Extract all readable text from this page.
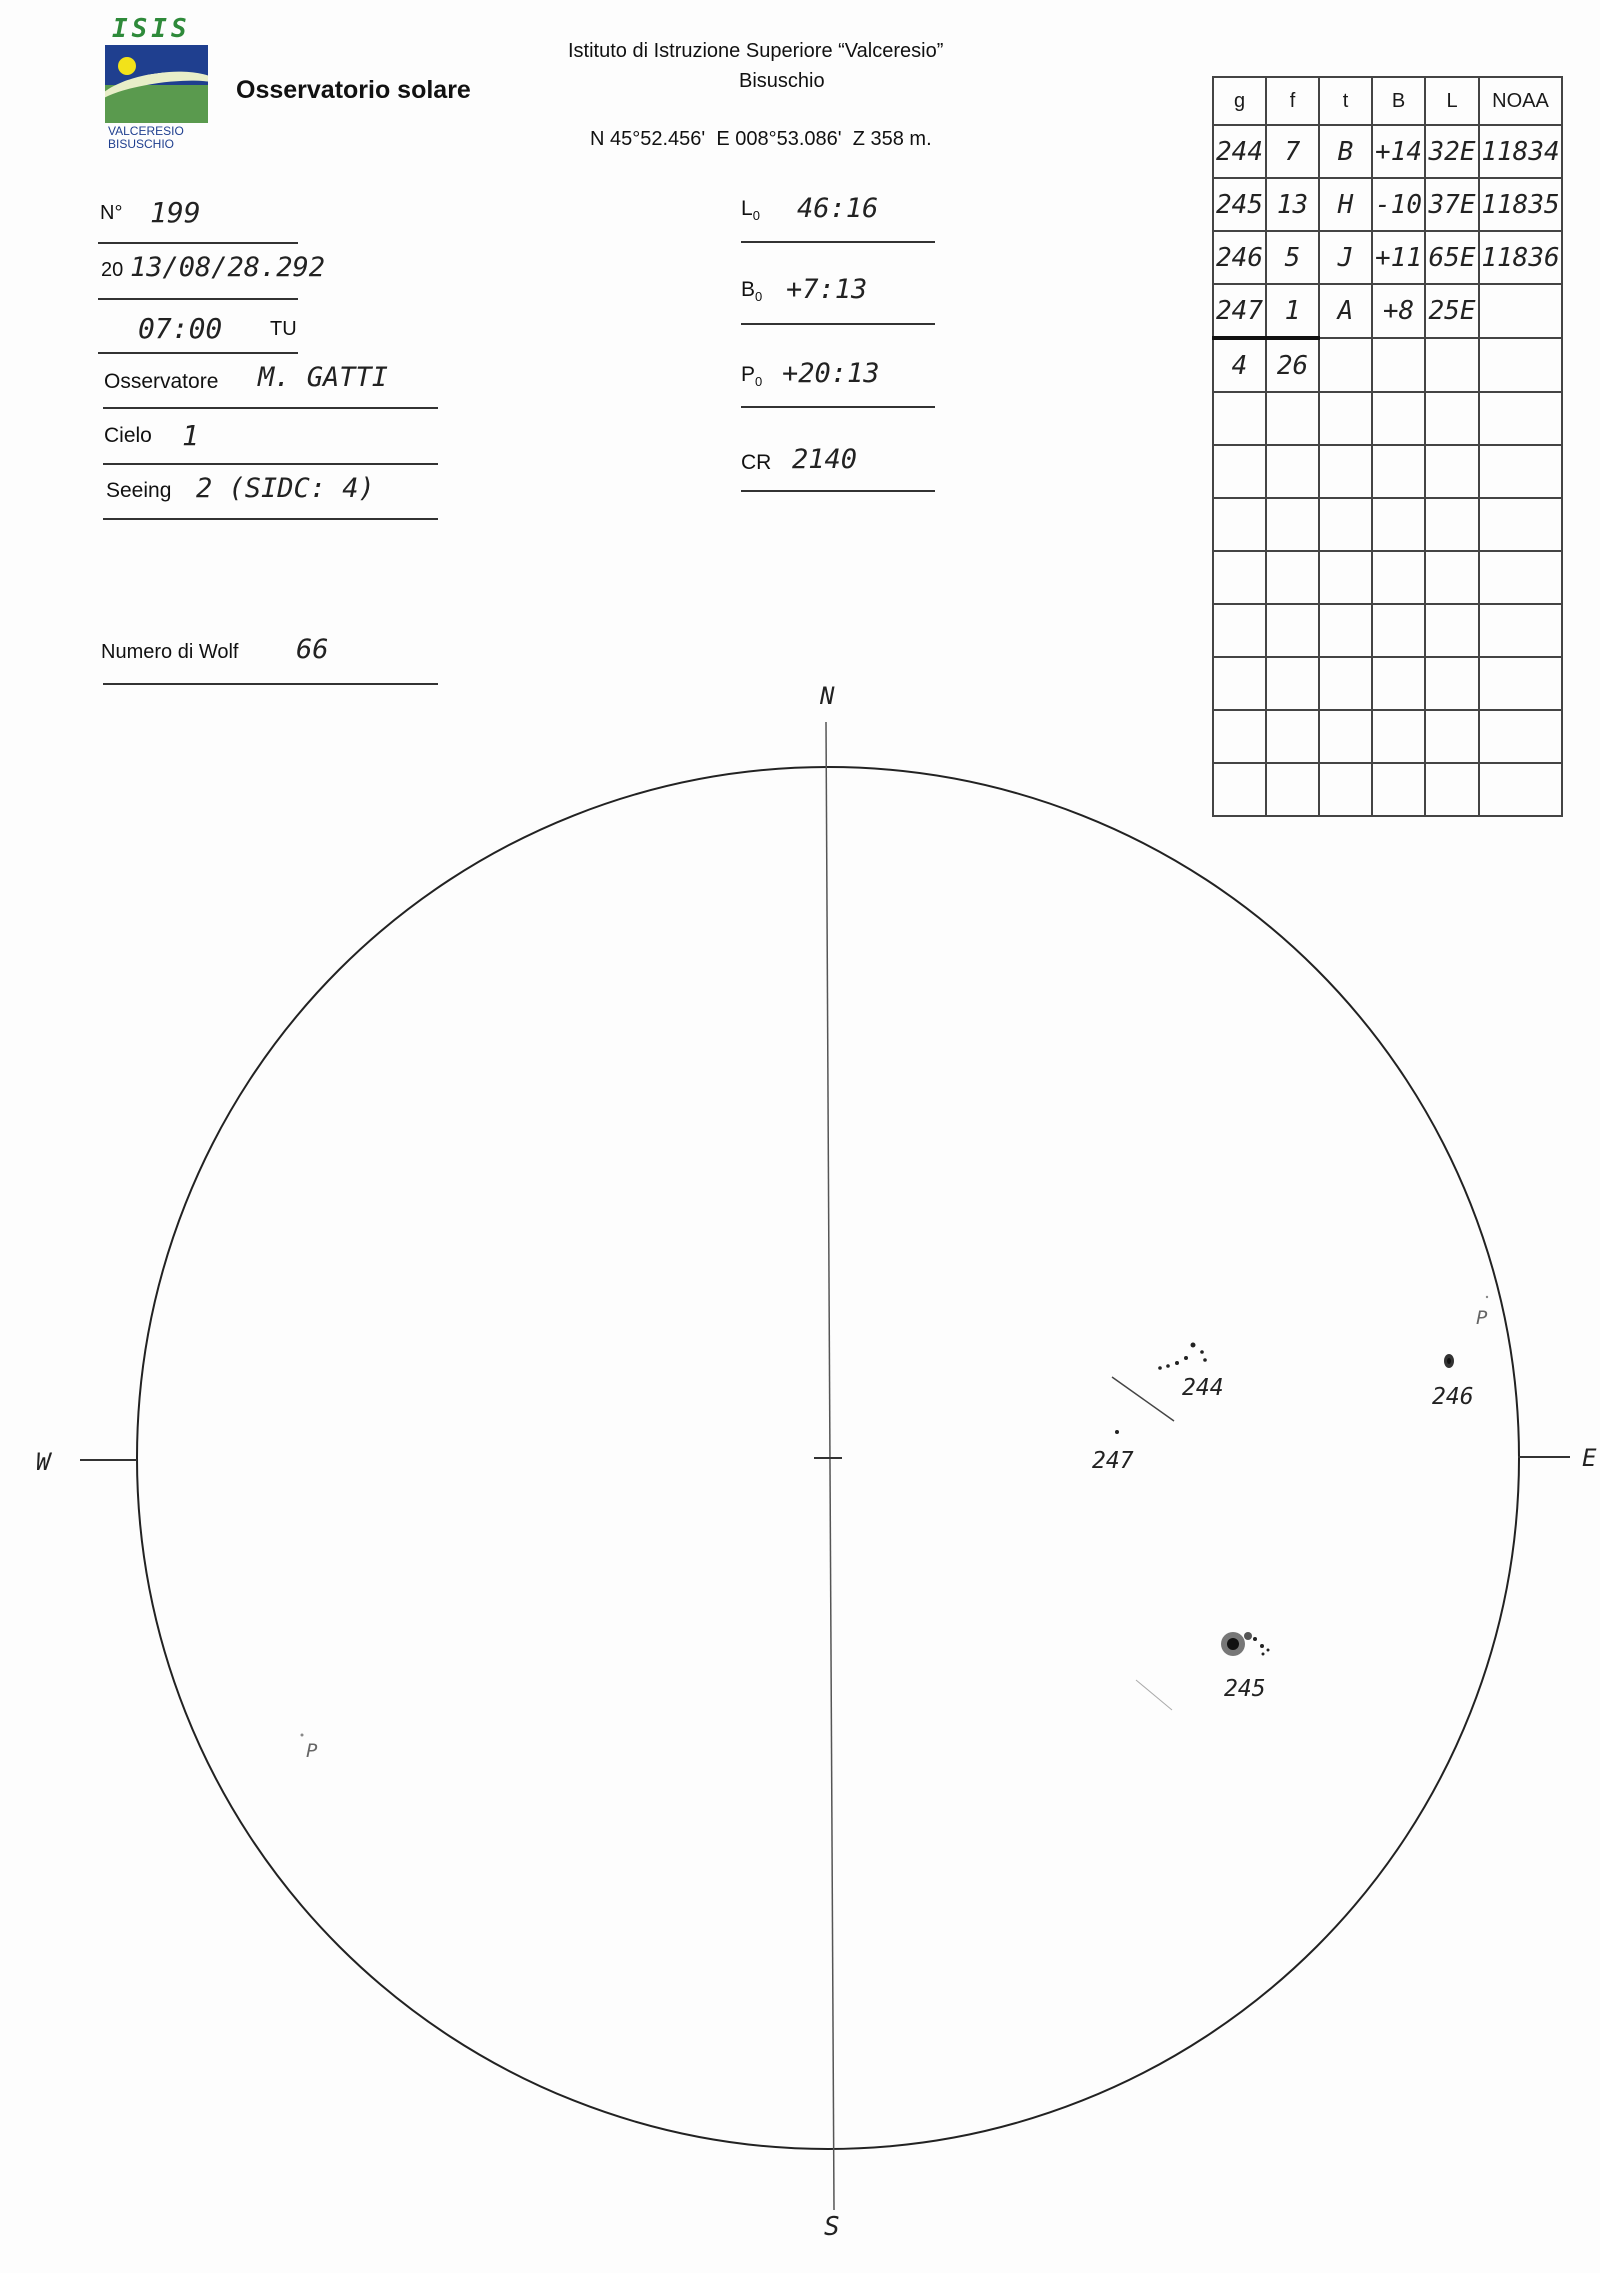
ISIS
VALCERESIO
BISUSCHIO
Osservatorio solare
Istituto di Istruzione Superiore “Valceresio”
Bisuschio
N 45°52.456'  E 008°53.086'  Z 358 m.
N° 199
20 13/08/28.292
07:00 TU
Osservatore M. GATTI
Cielo 1
Seeing 2 (SIDC: 4)
Numero di Wolf 66
$L_0$ 46:16
$B_0$ +7:13
$P_0$ +20:13
CR 2140
g	f	t	B	L	NOAA
244	7	B	+14	32E	11834
245	13	H	-10	37E	11835
246	5	J	+11	65E	11836
247	1	A	+8	25E	
4	26				

N
S
E
W
244	246
247
245
P
P
